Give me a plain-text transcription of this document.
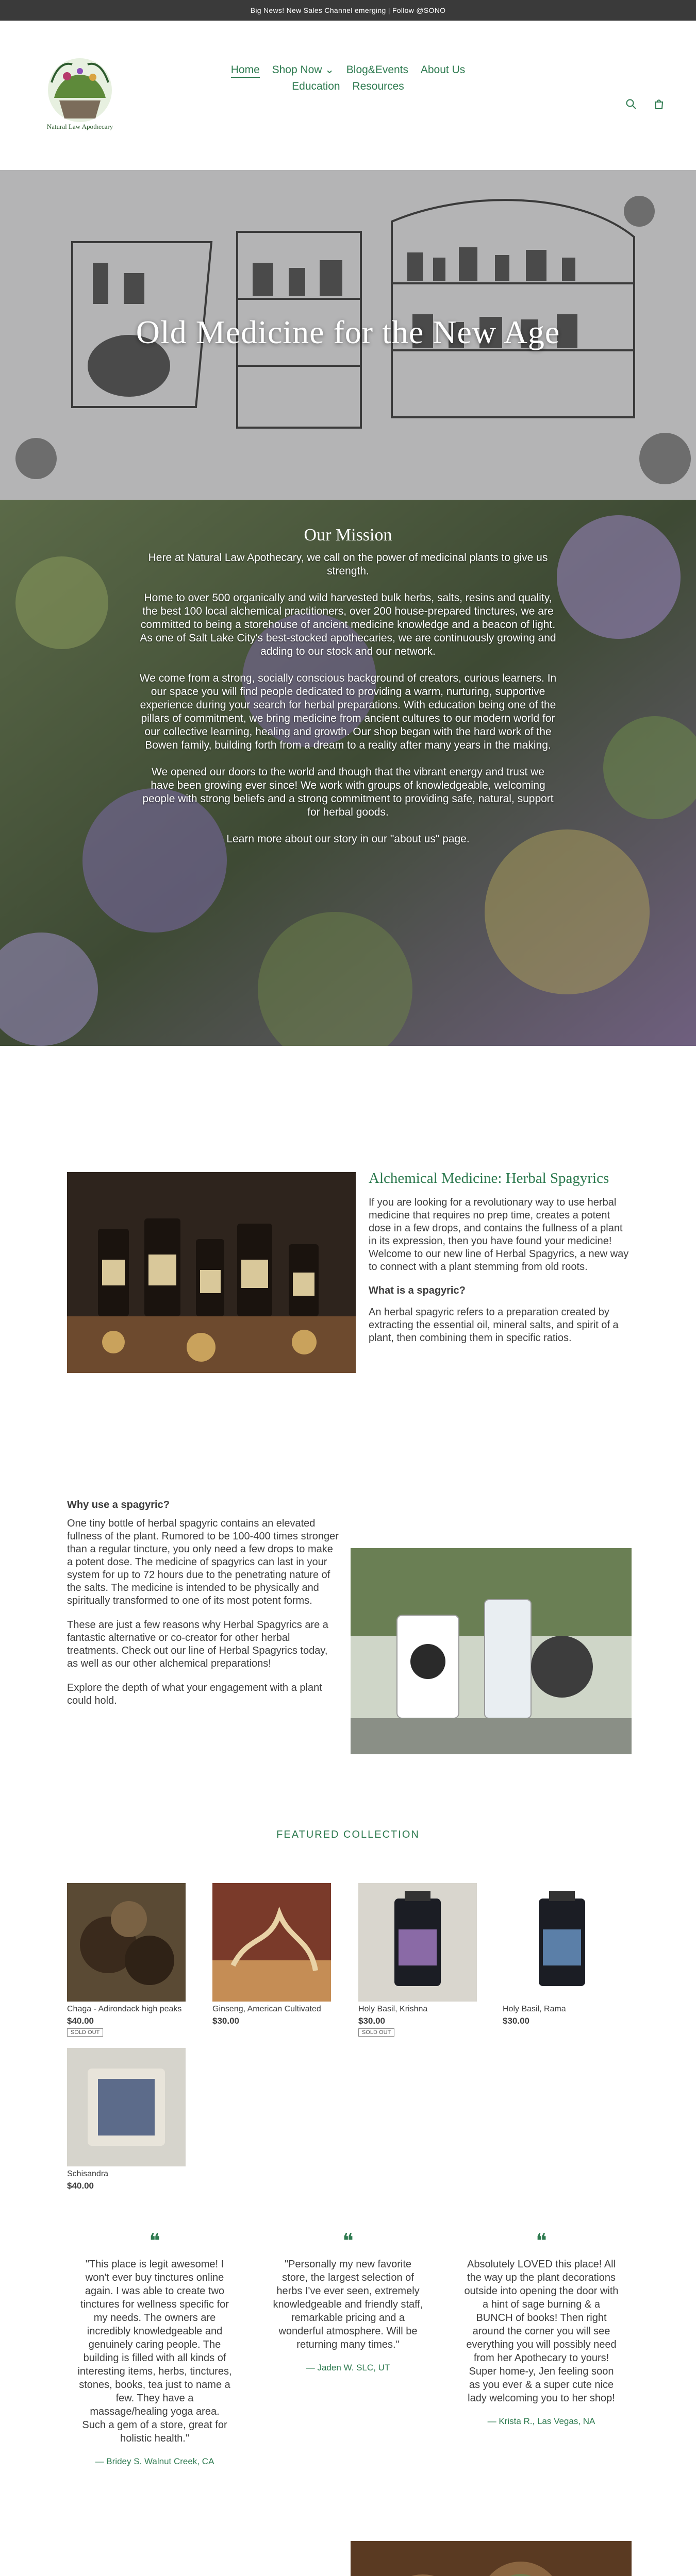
Big News! New Sales Channel emerging | Follow @SONO
Natural Law Apothecary
Home Shop Now ⌄ Blog&Events About Us
Education Resources
Old Medicine for the New Age
Our Mission

Here at Natural Law Apothecary, we call on the power of medicinal plants to give us strength.

Home to over 500 organically and wild harvested bulk herbs, salts, resins and quality, the best 100 local alchemical practitioners, over 200 house-prepared tinctures, we are committed to being a storehouse of ancient medicine knowledge and a beacon of light. As one of Salt Lake City's best-stocked apothecaries, we are continuously growing and adding to our stock and our network.

We come from a strong, socially conscious background of creators, curious learners. In our space you will find people dedicated to providing a warm, nurturing, supportive experience during your search for herbal preparations. With education being one of the pillars of commitment, we bring medicine from ancient cultures to our modern world for our collective learning, healing and growth. Our shop began with the hard work of the Bowen family, building forth from a dream to a reality after many years in the making.

We opened our doors to the world and though that the vibrant energy and trust we have been growing ever since! We work with groups of knowledgeable, welcoming people with strong beliefs and a strong commitment to providing safe, natural, support for herbal goods.

Learn more about our story in our "about us" page.

Alchemical Medicine: Herbal Spagyrics

If you are looking for a revolutionary way to use herbal medicine that requires no prep time, creates a potent dose in a few drops, and contains the fullness of a plant in its expression, then you have found your medicine! Welcome to our new line of Herbal Spagyrics, a new way to connect with a plant stemming from old roots.

What is a spagyric?

An herbal spagyric refers to a preparation created by extracting the essential oil, mineral salts, and spirit of a plant, then combining them in specific ratios.

Why use a spagyric?

One tiny bottle of herbal spagyric contains an elevated fullness of the plant. Rumored to be 100-400 times stronger than a regular tincture, you only need a few drops to make a potent dose. The medicine of spagyrics can last in your system for up to 72 hours due to the penetrating nature of the salts. The medicine is intended to be physically and spiritually transformed to one of its most potent forms.

These are just a few reasons why Herbal Spagyrics are a fantastic alternative or co-creator for other herbal treatments. Check out our line of Herbal Spagyrics today, as well as our other alchemical preparations!

Explore the depth of what your engagement with a plant could hold.

FEATURED COLLECTION
Chaga - Adirondack high peaks
$40.00
SOLD OUT
Ginseng, American Cultivated
$30.00
Holy Basil, Krishna
$30.00
SOLD OUT
Holy Basil, Rama
$30.00
Schisandra
$40.00
❝
"This place is legit awesome! I won't ever buy tinctures online again. I was able to create two tinctures for wellness specific for my needs. The owners are incredibly knowledgeable and genuinely caring people. The building is filled with all kinds of interesting items, herbs, tinctures, stones, books, tea just to name a few. They have a massage/healing yoga area. Such a gem of a store, great for holistic health."
— Bridey S. Walnut Creek, CA
❝
"Personally my new favorite store, the largest selection of herbs I've ever seen, extremely knowledgeable and friendly staff, remarkable pricing and a wonderful atmosphere. Will be returning many times."
— Jaden W. SLC, UT
❝
Absolutely LOVED this place! All the way up the plant decorations outside into opening the door with a hint of sage burning & a BUNCH of books! Then right around the corner you will see everything you will possibly need from her Apothecary to yours! Super home-y, Jen feeling soon as you ever & a super cute nice lady welcoming you to her shop!
— Krista R., Las Vegas, NA
